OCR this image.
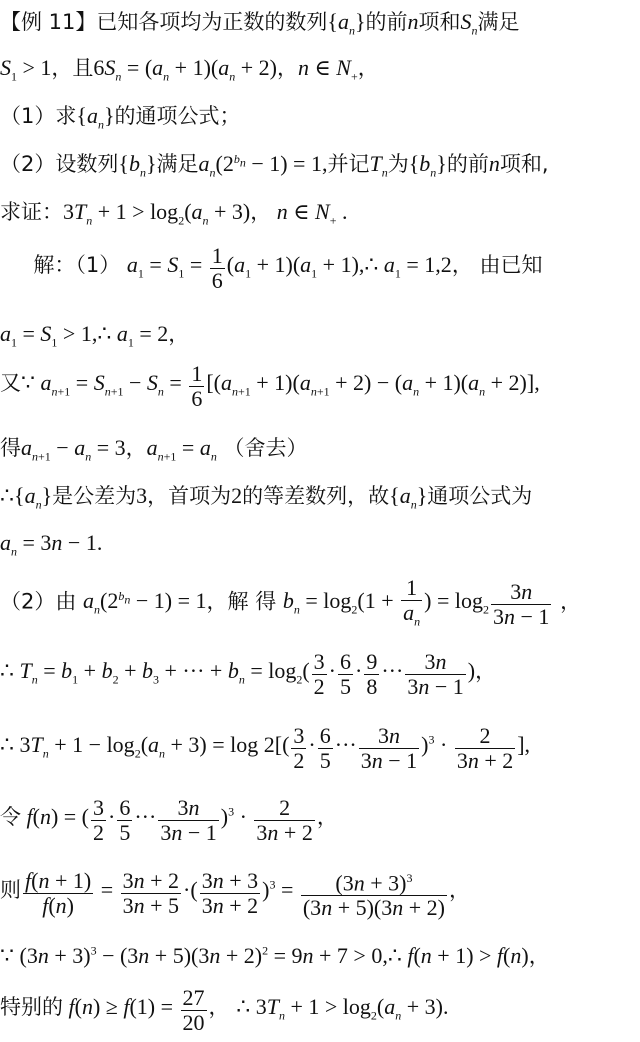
【例 11】已知各项均为正数的数列$\{a_n\}$的前n项和$S_n$满足
$S_1 > 1$，且$6S_n = (a_n + 1)(a_n + 2)$，n ∈ $N_+$，
（1）求$\{a_n\}$的通项公式；
（2）设数列$\{b_n\}$满足$a_n(2^{b_n} - 1) = 1$,并记$T_n$为$\{b_n\}$的前n项和,
求证：$3T_n + 1 > \log_2(a_n + 3)$， n ∈ $N_+$ .
解：（1） $a_1 = S_1 = \frac{1}{6} (a_1 + 1)(a_1$ + 1),∴ $a_1 = 1,2$， 由已知
$a_1 = S_1$ > 1,∴ $a_1 = 2$，
又∵ $a_{n+1} = S_{n+1} - S_n = \frac{1}{6} [(a_{n+1} + 1)(a_{n+1} + 2) - (a_n + 1)(a_n + 2)]$,
得$a_{n+1} - a_n = 3$，$a_{n+1} = a_n$ （舍去）
$\therefore\{a_n\}$是公差为3，首项为2的等差数列，故$\{a_n\}$通项公式为
$a_n = 3n - 1$.
（2）由 $a_n(2^{b_n} - 1) = 1$，解 得 $b_n = \log_2(1 + \frac{1}{a_n}$ ) = $\log_2 \frac{3n}{3n - 1}$ ，
∴ $T_n = b_1 + b_2 + b_3$ + ··· + $b_n = \log_2( \frac{3}{2} \cdot \frac{6}{5} \cdot \frac{9}{8}$ ··· $\frac{3n}{3n - 1}$ )，
∴ $3T_n + 1 - \log_2(a_n + 3) = \log 2[( \frac{3}{2} \cdot \frac{6}{5}$ ··· $\frac{3n}{3n - 1} )^3 \cdot \frac{2}{3n + 2}$ ],
令 f(n) = ( $\frac{3}{2} \cdot \frac{6}{5}$ ··· $\frac{3n}{3n - 1} )^3 \cdot \frac{2}{3n + 2}$ ，
则 $\frac{f(n + 1)}{f(n)} = \frac{3n + 2}{3n + 5}$ ·( $\frac{3n + 3}{3n + 2} )^3 = \frac{(3n + 3)^3}{(3n + 5)(3n + 2)}$ ，
∵ $(3n + 3)^3 - (3n + 5)(3n + 2)^2 = 9n + 7$ > 0,∴ f(n + 1) > f(n)，
特别的 $f(n) \ge f(1) = \frac{27}{20}$ ， ∴ $3T_n + 1 > \log_2(a_n + 3)$.
